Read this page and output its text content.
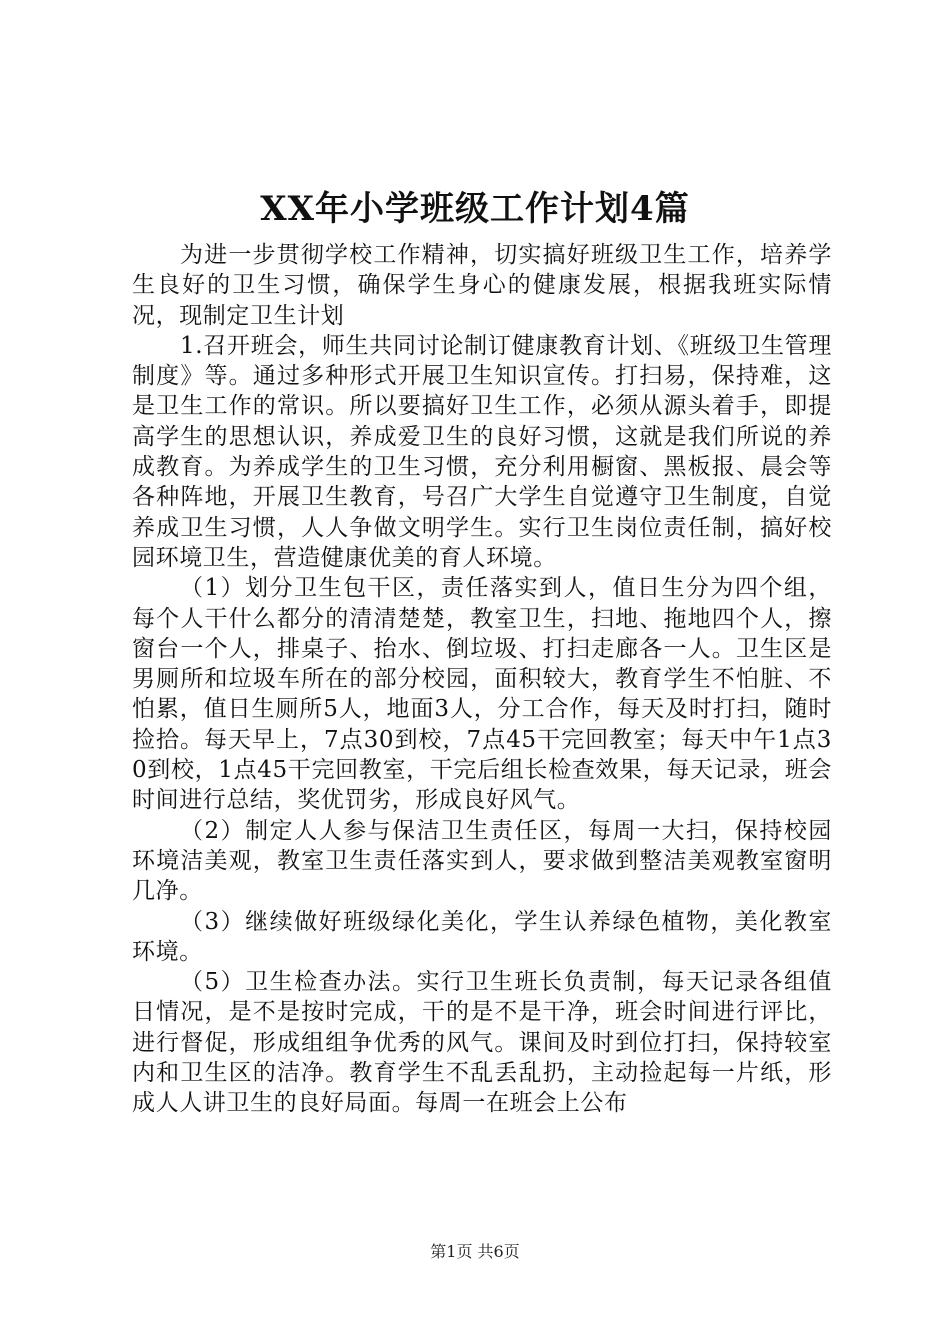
XX年小学班级工作计划4篇

为进一步贯彻学校工作精神，切实搞好班级卫生工作，培养学生良好的卫生习惯，确保学生身心的健康发展，根据我班实际情况，现制定卫生计划

1.召开班会，师生共同讨论制订健康教育计划、《班级卫生管理制度》等。通过多种形式开展卫生知识宣传。打扫易，保持难，这是卫生工作的常识。所以要搞好卫生工作，必须从源头着手，即提高学生的思想认识，养成爱卫生的良好习惯，这就是我们所说的养成教育。为养成学生的卫生习惯，充分利用橱窗、黑板报、晨会等各种阵地，开展卫生教育，号召广大学生自觉遵守卫生制度，自觉养成卫生习惯，人人争做文明学生。实行卫生岗位责任制，搞好校园环境卫生，营造健康优美的育人环境。

（1）划分卫生包干区，责任落实到人，值日生分为四个组，每个人干什么都分的清清楚楚，教室卫生，扫地、拖地四个人，擦窗台一个人，排桌子、抬水、倒垃圾、打扫走廊各一人。卫生区是男厕所和垃圾车所在的部分校园，面积较大，教育学生不怕脏、不怕累，值日生厕所5人，地面3人，分工合作，每天及时打扫，随时捡拾。每天早上，7点30到校，7点45干完回教室；每天中午1点30到校，1点45干完回教室，干完后组长检查效果，每天记录，班会时间进行总结，奖优罚劣，形成良好风气。

（2）制定人人参与保洁卫生责任区，每周一大扫，保持校园环境洁美观，教室卫生责任落实到人，要求做到整洁美观教室窗明几净。

（3）继续做好班级绿化美化，学生认养绿色植物，美化教室环境。

（5）卫生检查办法。实行卫生班长负责制，每天记录各组值日情况，是不是按时完成，干的是不是干净，班会时间进行评比，进行督促，形成组组争优秀的风气。课间及时到位打扫，保持较室内和卫生区的洁净。教育学生不乱丢乱扔，主动捡起每一片纸，形成人人讲卫生的良好局面。每周一在班会上公布

第1页 共6页
